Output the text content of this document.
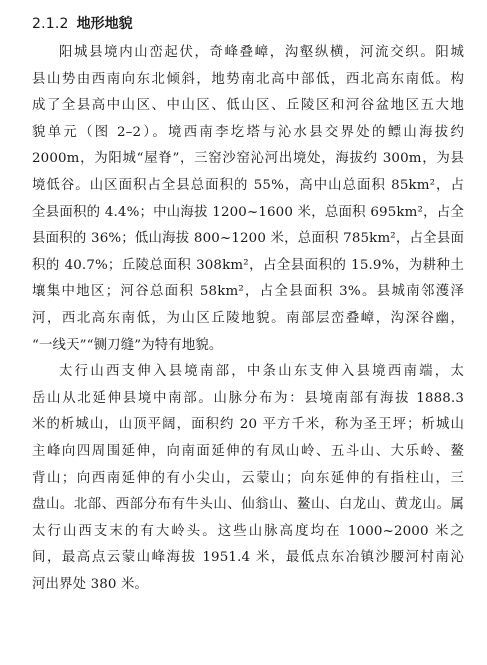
2.1.2 地形地貌
阳城县境内山峦起伏，奇峰叠嶂，沟壑纵横，河流交织。阳城
县山势由西南向东北倾斜，地势南北高中部低，西北高东南低。构
成了全县高中山区、中山区、低山区、丘陵区和河谷盆地区五大地
貌单元（图 2–2）。境西南李圪塔与沁水县交界处的鳔山海拔约
2000m，为阳城“屋脊”，三窑沙窑沁河出境处，海拔约 300m，为县
境低谷。山区面积占全县总面积的 55%，高中山总面积 85km²，占
全县面积的 4.4%；中山海拔 1200~1600 米，总面积 695km²，占全
县面积的 36%；低山海拔 800~1200 米，总面积 785km²，占全县面
积的 40.7%；丘陵总面积 308km²，占全县面积的 15.9%，为耕种土
壤集中地区；河谷总面积 58km²，占全县面积 3%。县城南邻濩泽
河，西北高东南低，为山区丘陵地貌。南部层峦叠嶂，沟深谷幽，
“一线天”“铡刀缝”为特有地貌。
太行山西支伸入县境南部，中条山东支伸入县境西南端，太
岳山从北延伸县境中南部。山脉分布为：县境南部有海拔 1888.3
米的析城山，山顶平阔，面积约 20 平方千米，称为圣王坪；析城山
主峰向四周围延伸，向南面延伸的有凤山岭、五斗山、大乐岭、鳌
背山；向西南延伸的有小尖山，云蒙山；向东延伸的有指柱山，三
盘山。北部、西部分布有牛头山、仙翁山、鳌山、白龙山、黄龙山。属
太行山西支末的有大岭头。这些山脉高度均在 1000~2000 米之
间，最高点云蒙山峰海拔 1951.4 米，最低点东冶镇沙腰河村南沁
河出界处 380 米。
